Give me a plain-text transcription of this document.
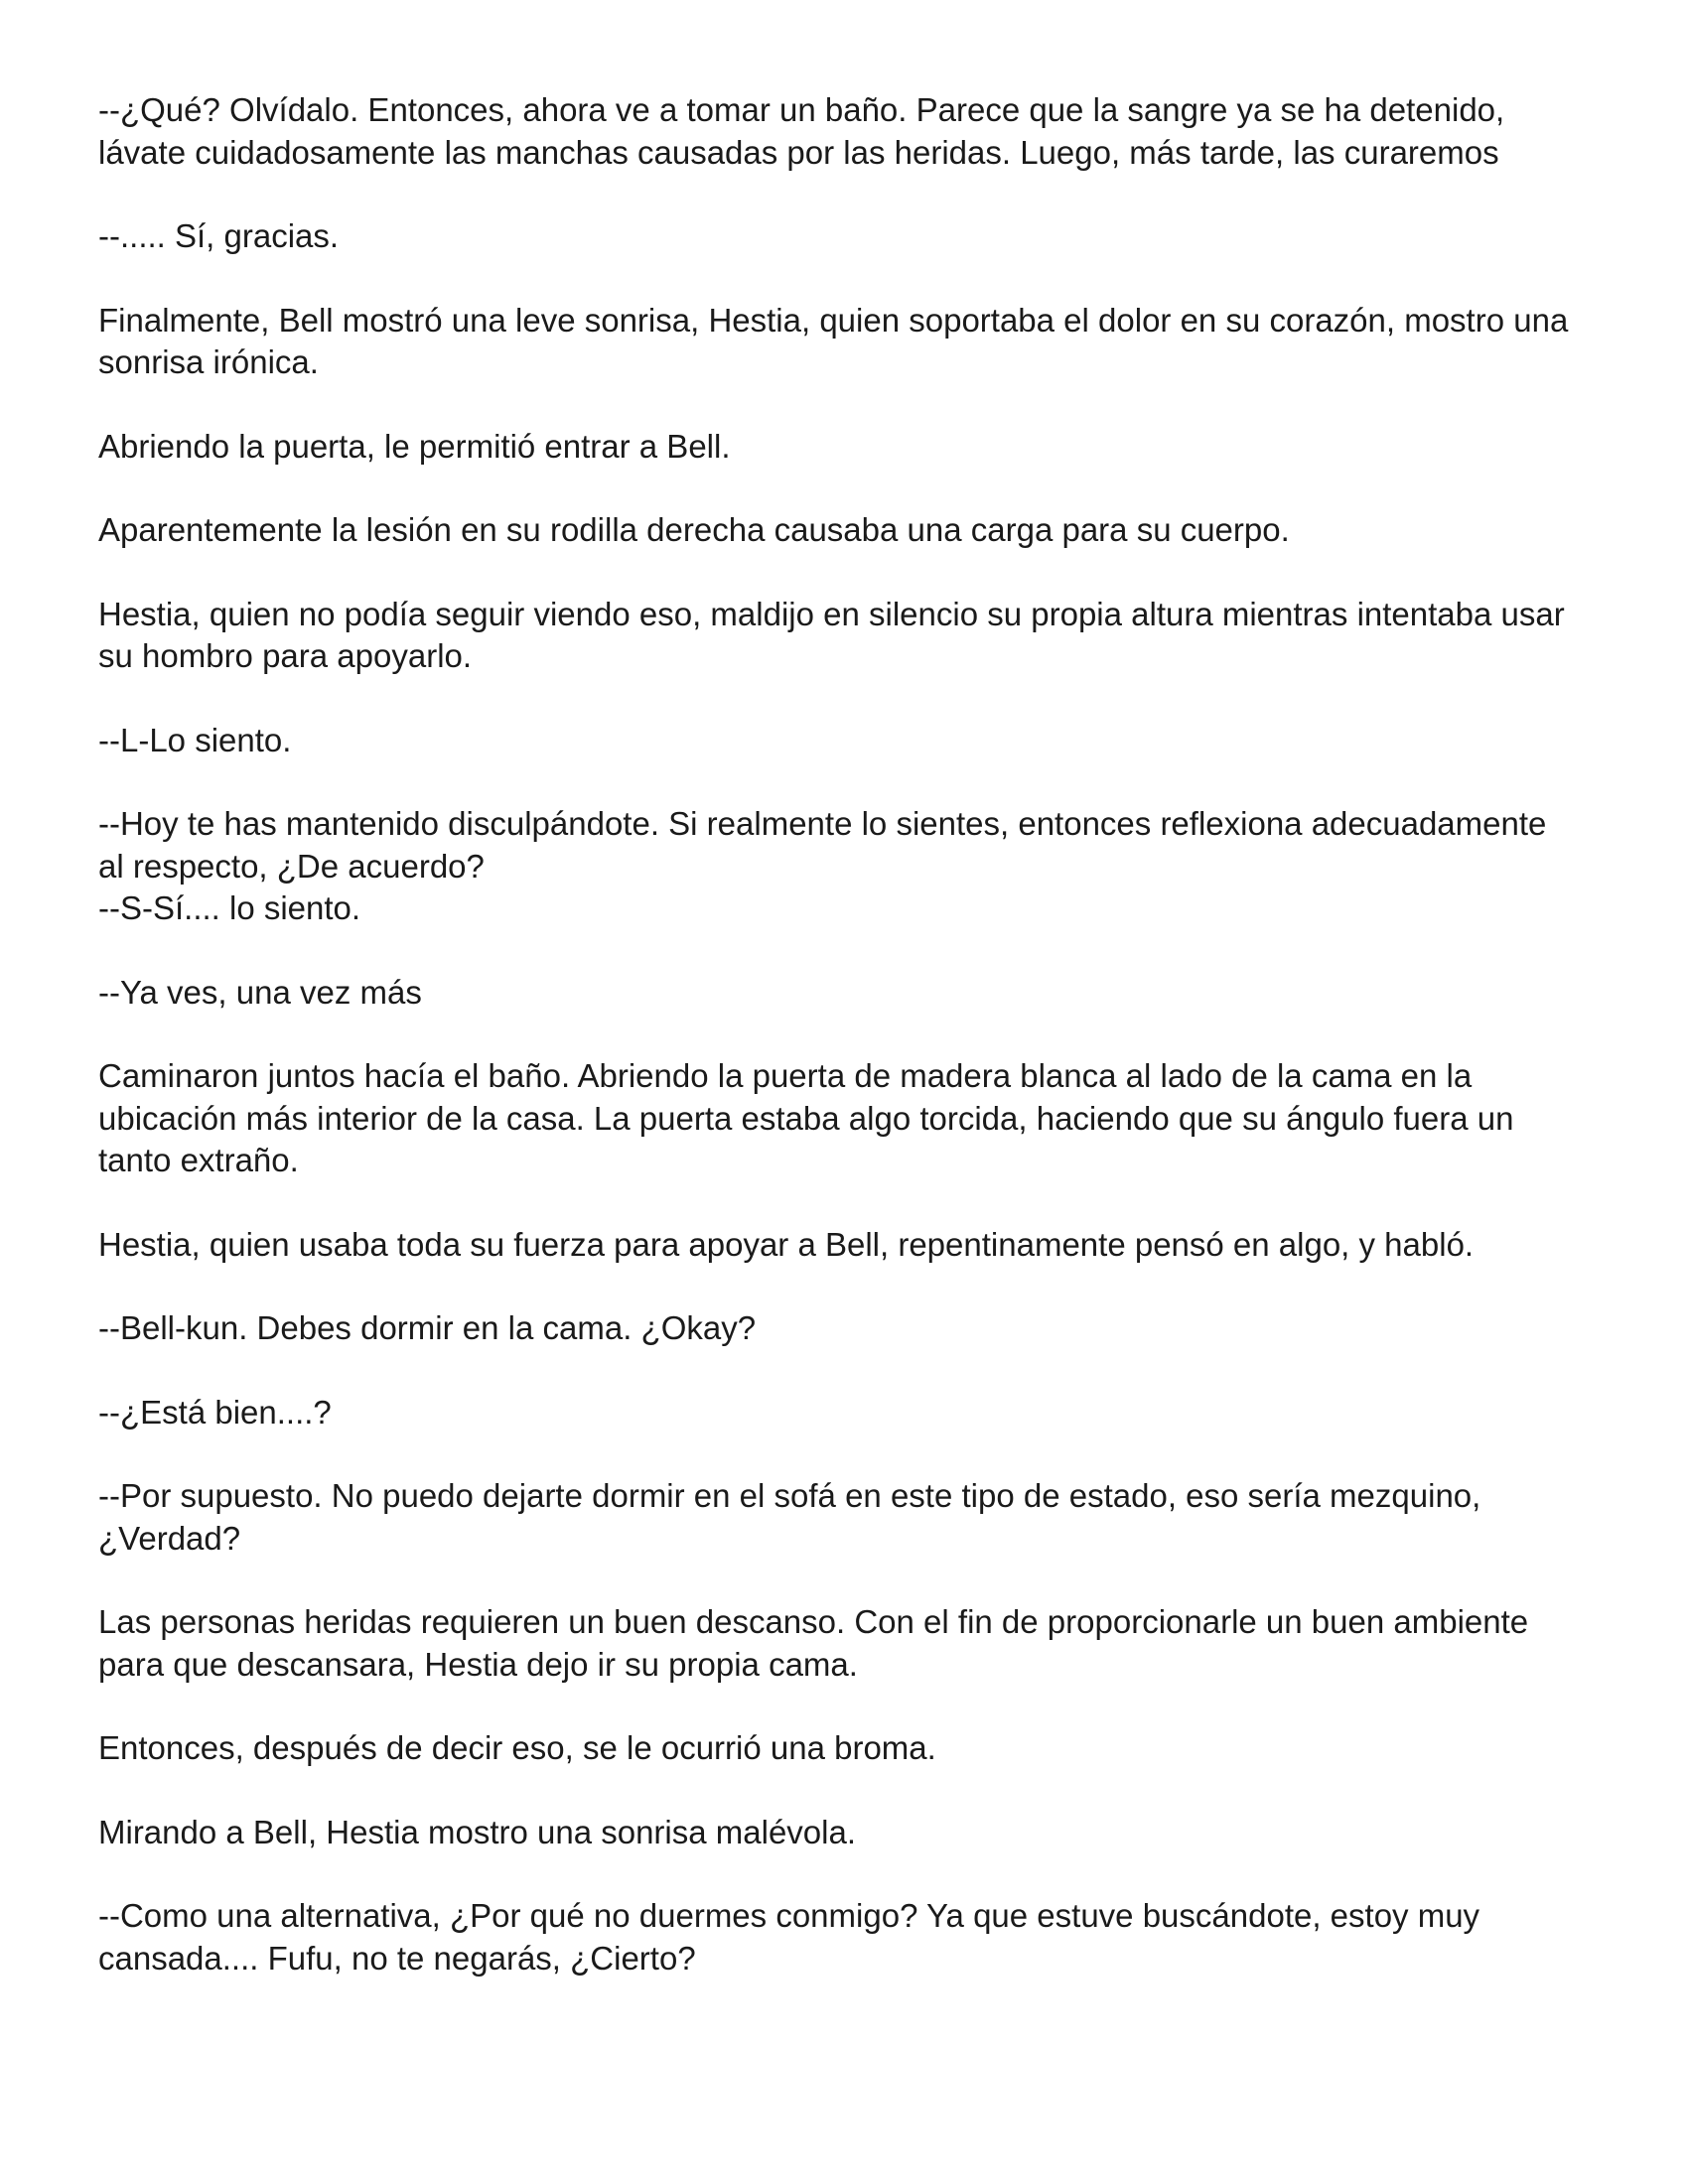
--¿Qué? Olvídalo. Entonces, ahora ve a tomar un baño. Parece que la sangre ya se ha detenido,
lávate cuidadosamente las manchas causadas por las heridas. Luego, más tarde, las curaremos

--..... Sí, gracias.

Finalmente, Bell mostró una leve sonrisa, Hestia, quien soportaba el dolor en su corazón, mostro una
sonrisa irónica.

Abriendo la puerta, le permitió entrar a Bell.

Aparentemente la lesión en su rodilla derecha causaba una carga para su cuerpo.

Hestia, quien no podía seguir viendo eso, maldijo en silencio su propia altura mientras intentaba usar
su hombro para apoyarlo.

--L-Lo siento.

--Hoy te has mantenido disculpándote. Si realmente lo sientes, entonces reflexiona adecuadamente
al respecto, ¿De acuerdo?
--S-Sí.... lo siento.

--Ya ves, una vez más

Caminaron juntos hacía el baño. Abriendo la puerta de madera blanca al lado de la cama en la
ubicación más interior de la casa. La puerta estaba algo torcida, haciendo que su ángulo fuera un
tanto extraño.

Hestia, quien usaba toda su fuerza para apoyar a Bell, repentinamente pensó en algo, y habló.

--Bell-kun. Debes dormir en la cama. ¿Okay?

--¿Está bien....?

--Por supuesto. No puedo dejarte dormir en el sofá en este tipo de estado, eso sería mezquino,
¿Verdad?

Las personas heridas requieren un buen descanso. Con el fin de proporcionarle un buen ambiente
para que descansara, Hestia dejo ir su propia cama.

Entonces, después de decir eso, se le ocurrió una broma.

Mirando a Bell, Hestia mostro una sonrisa malévola.

--Como una alternativa, ¿Por qué no duermes conmigo? Ya que estuve buscándote, estoy muy
cansada.... Fufu, no te negarás, ¿Cierto?
